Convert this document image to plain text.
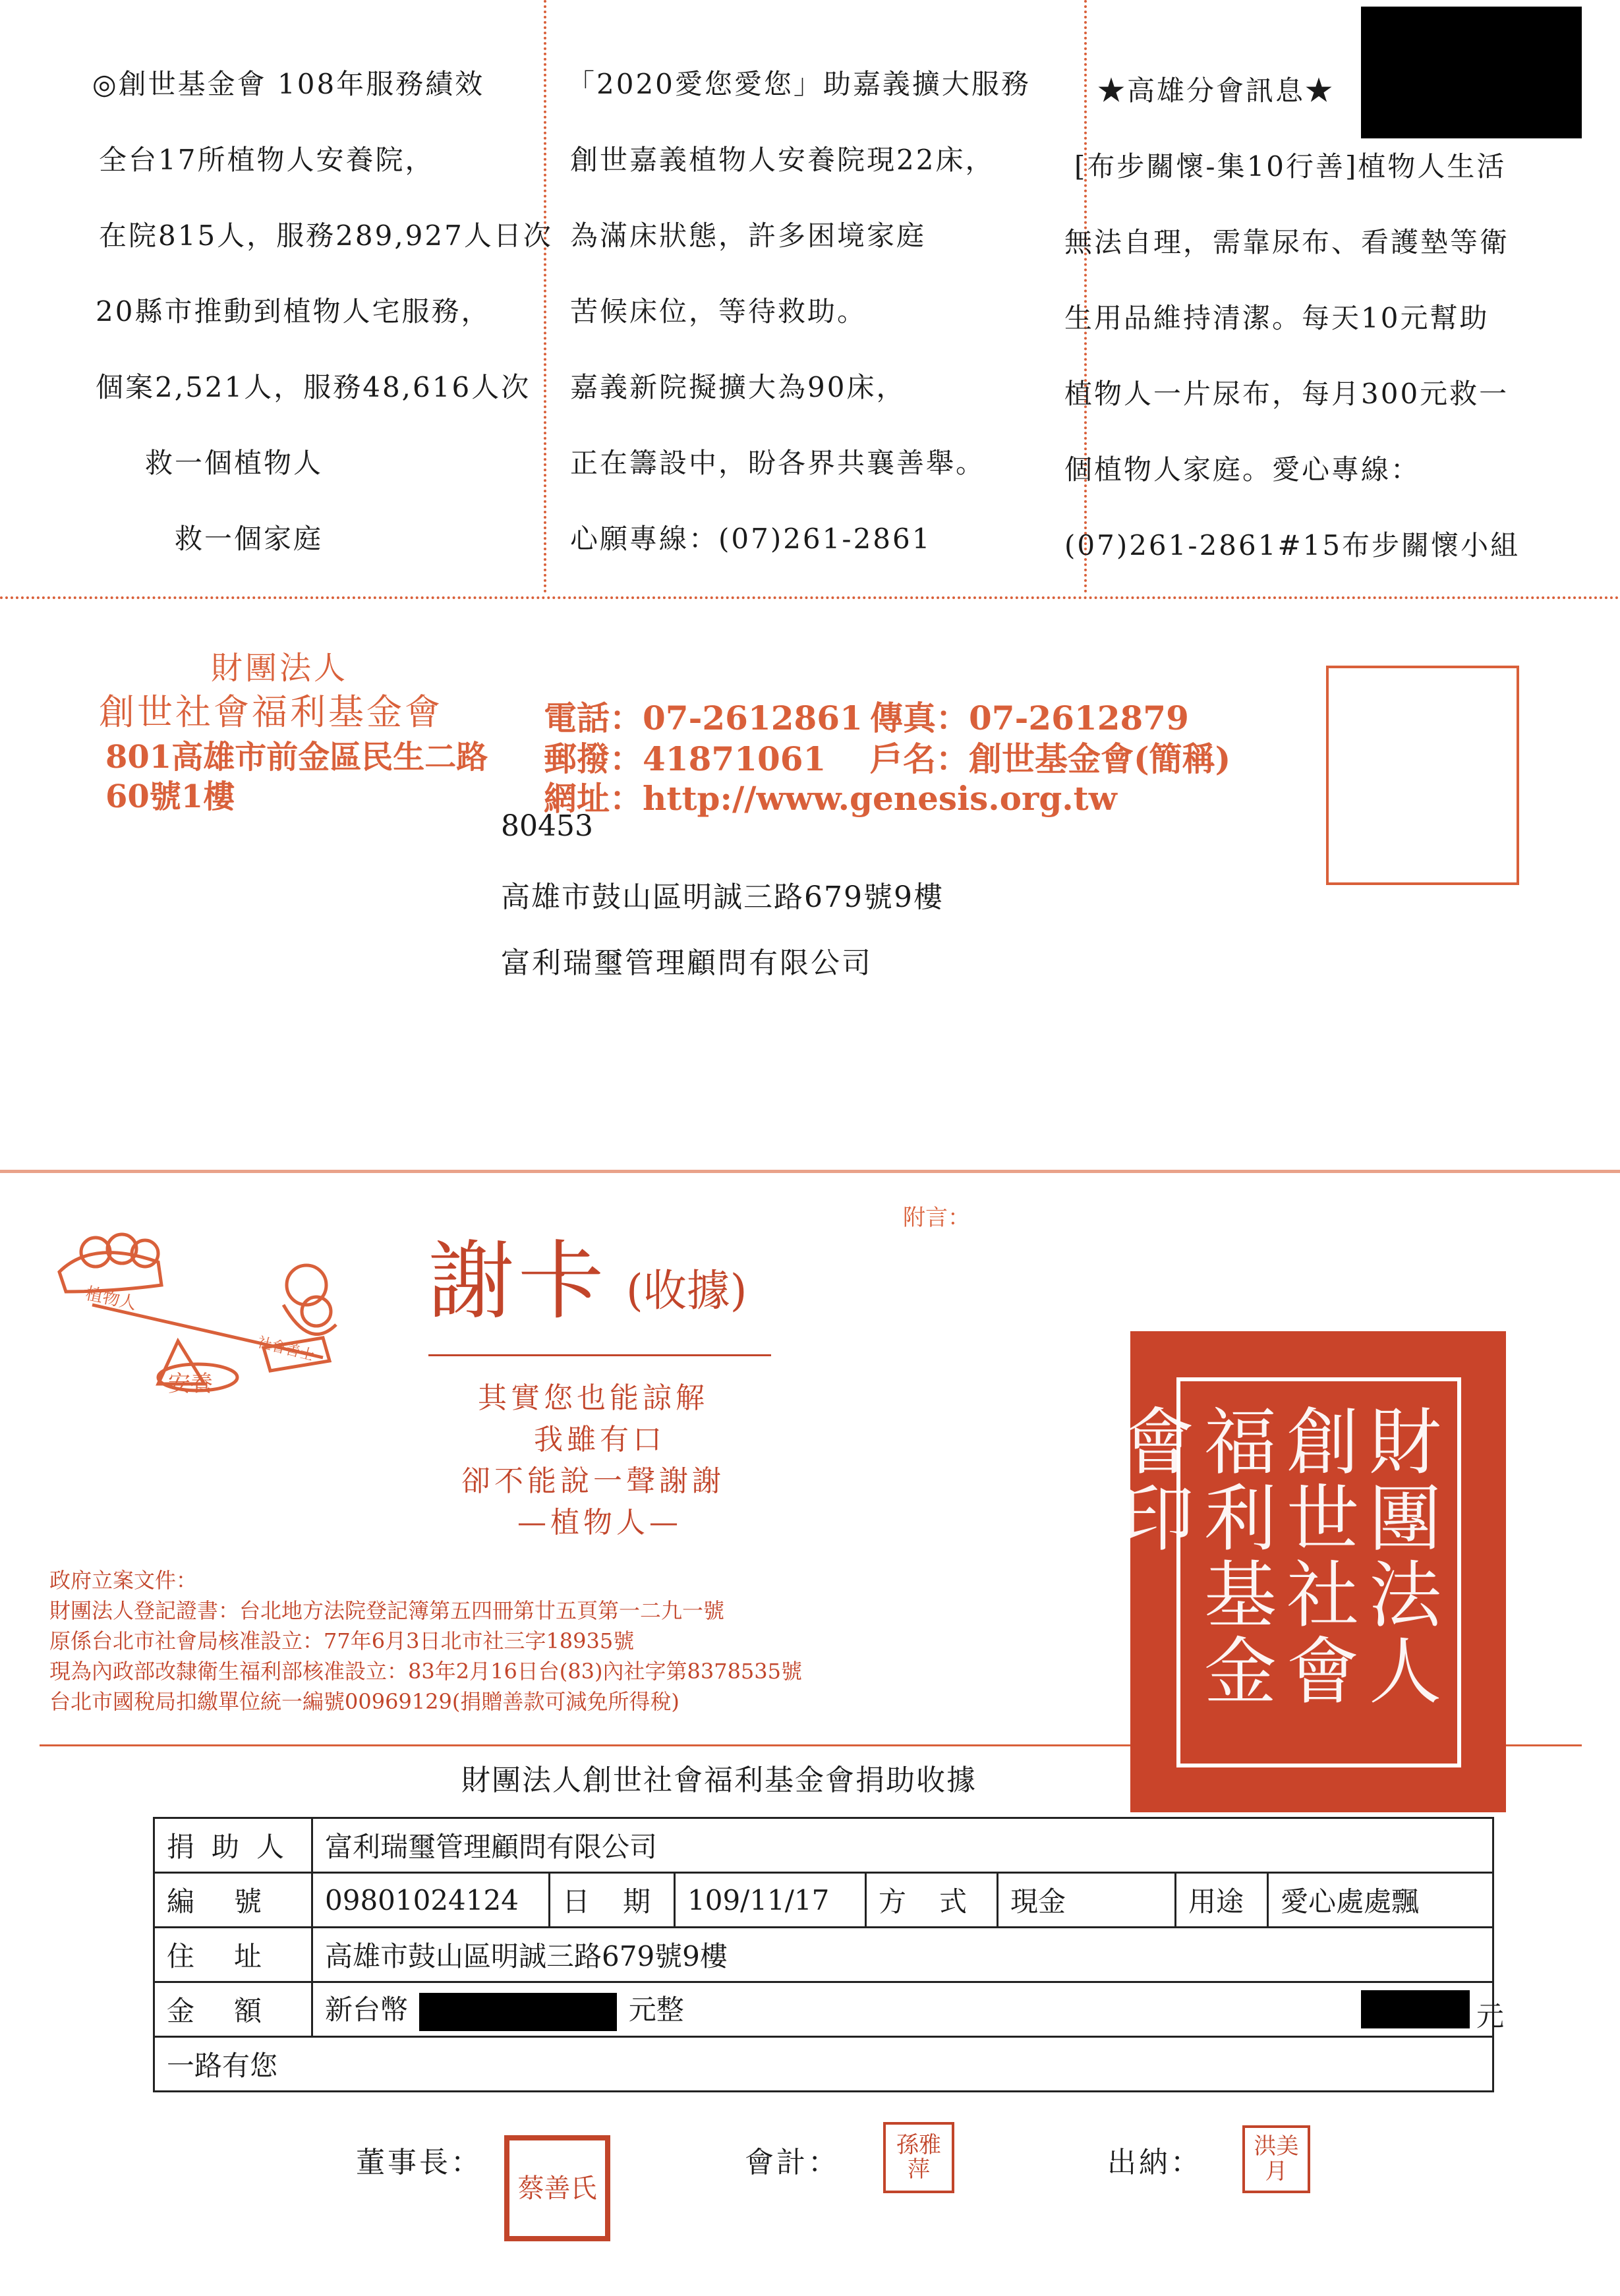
◎創世基金會 108年服務績效
全台17所植物人安養院，
在院815人，服務289,927人日次
20縣市推動到植物人宅服務，
個案2,521人，服務48,616人次
救一個植物人
救一個家庭
「2020愛您愛您」助嘉義擴大服務
創世嘉義植物人安養院現22床，
為滿床狀態，許多困境家庭
苦候床位，等待救助。
嘉義新院擬擴大為90床，
正在籌設中，盼各界共襄善舉。
心願專線：(07)261-2861
★高雄分會訊息★
[布步關懷-集10行善]植物人生活
無法自理，需靠尿布、看護墊等衛
生用品維持清潔。每天10元幫助
植物人一片尿布，每月300元救一
個植物人家庭。愛心專線：
(07)261-2861#15布步關懷小組
財團法人
創世社會福利基金會
801高雄市前金區民生二路
60號1樓
電話：07-2612861 傳真：07-2612879
郵撥：41871061 戶名：創世基金會(簡稱)
網址：http://www.genesis.org.tw
80453
高雄市鼓山區明誠三路679號9樓
富利瑞璽管理顧問有限公司
附言：
植物人
安養
社會善士
謝卡 (收據)
其實您也能諒解
我雖有口
卻不能說一聲謝謝
—植物人—
政府立案文件：
財團法人登記證書：台北地方法院登記簿第五四冊第廿五頁第一二九一號
原係台北市社會局核准設立：77年6月3日北市社三字18935號
現為內政部改隸衛生福利部核准設立：83年2月16日台(83)內社字第8378535號
台北市國稅局扣繳單位統一編號00969129(捐贈善款可減免所得稅)	財團法人創世社會福利基金會印
財團法人創世社會福利基金會捐助收據
捐助人	富利瑞璽管理顧問有限公司						
編號	09801024124	日期	109/11/17	方式	現金	用途	愛心處處飄
住址	高雄市鼓山區明誠三路679號9樓						
金額	新台幣 元整 元						

一路有您							
董事長：
蔡善氏
會計：
孫雅萍	出納：	洪美月
